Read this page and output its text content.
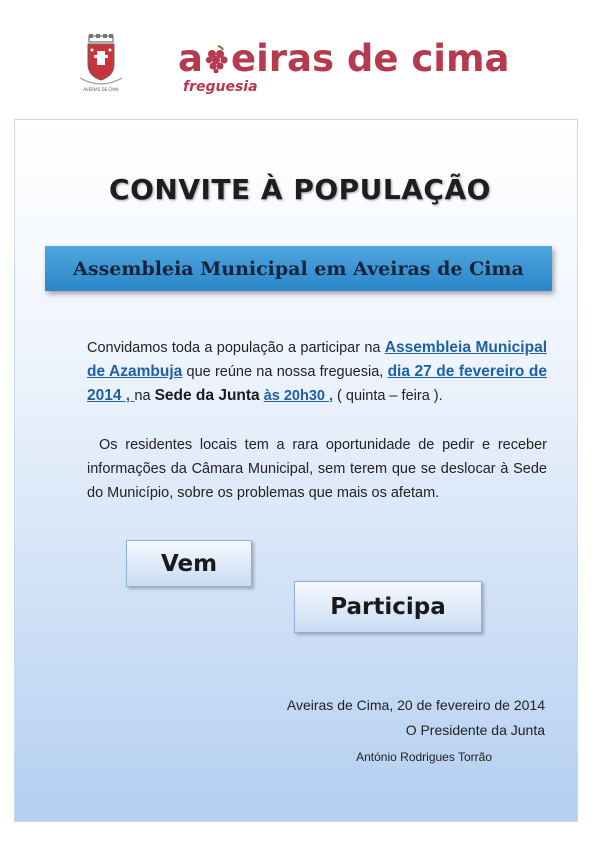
AVEIRAS DE CIMA
a eiras de cima
freguesia
CONVITE À POPULAÇÃO
Assembleia Municipal em Aveiras de Cima
Convidamos toda a população a participar na Assembleia Municipal de Azambuja que reúne na nossa freguesia, dia 27 de fevereiro de 2014 , na Sede da Junta às 20h30 , ( quinta – feira ).
Os residentes locais tem a rara oportunidade de pedir e receber informações da Câmara Municipal, sem terem que se deslocar à Sede do Município, sobre os problemas que mais os afetam.
Vem
Participa
Aveiras de Cima, 20 de fevereiro de 2014
O Presidente da Junta
António Rodrigues Torrão
